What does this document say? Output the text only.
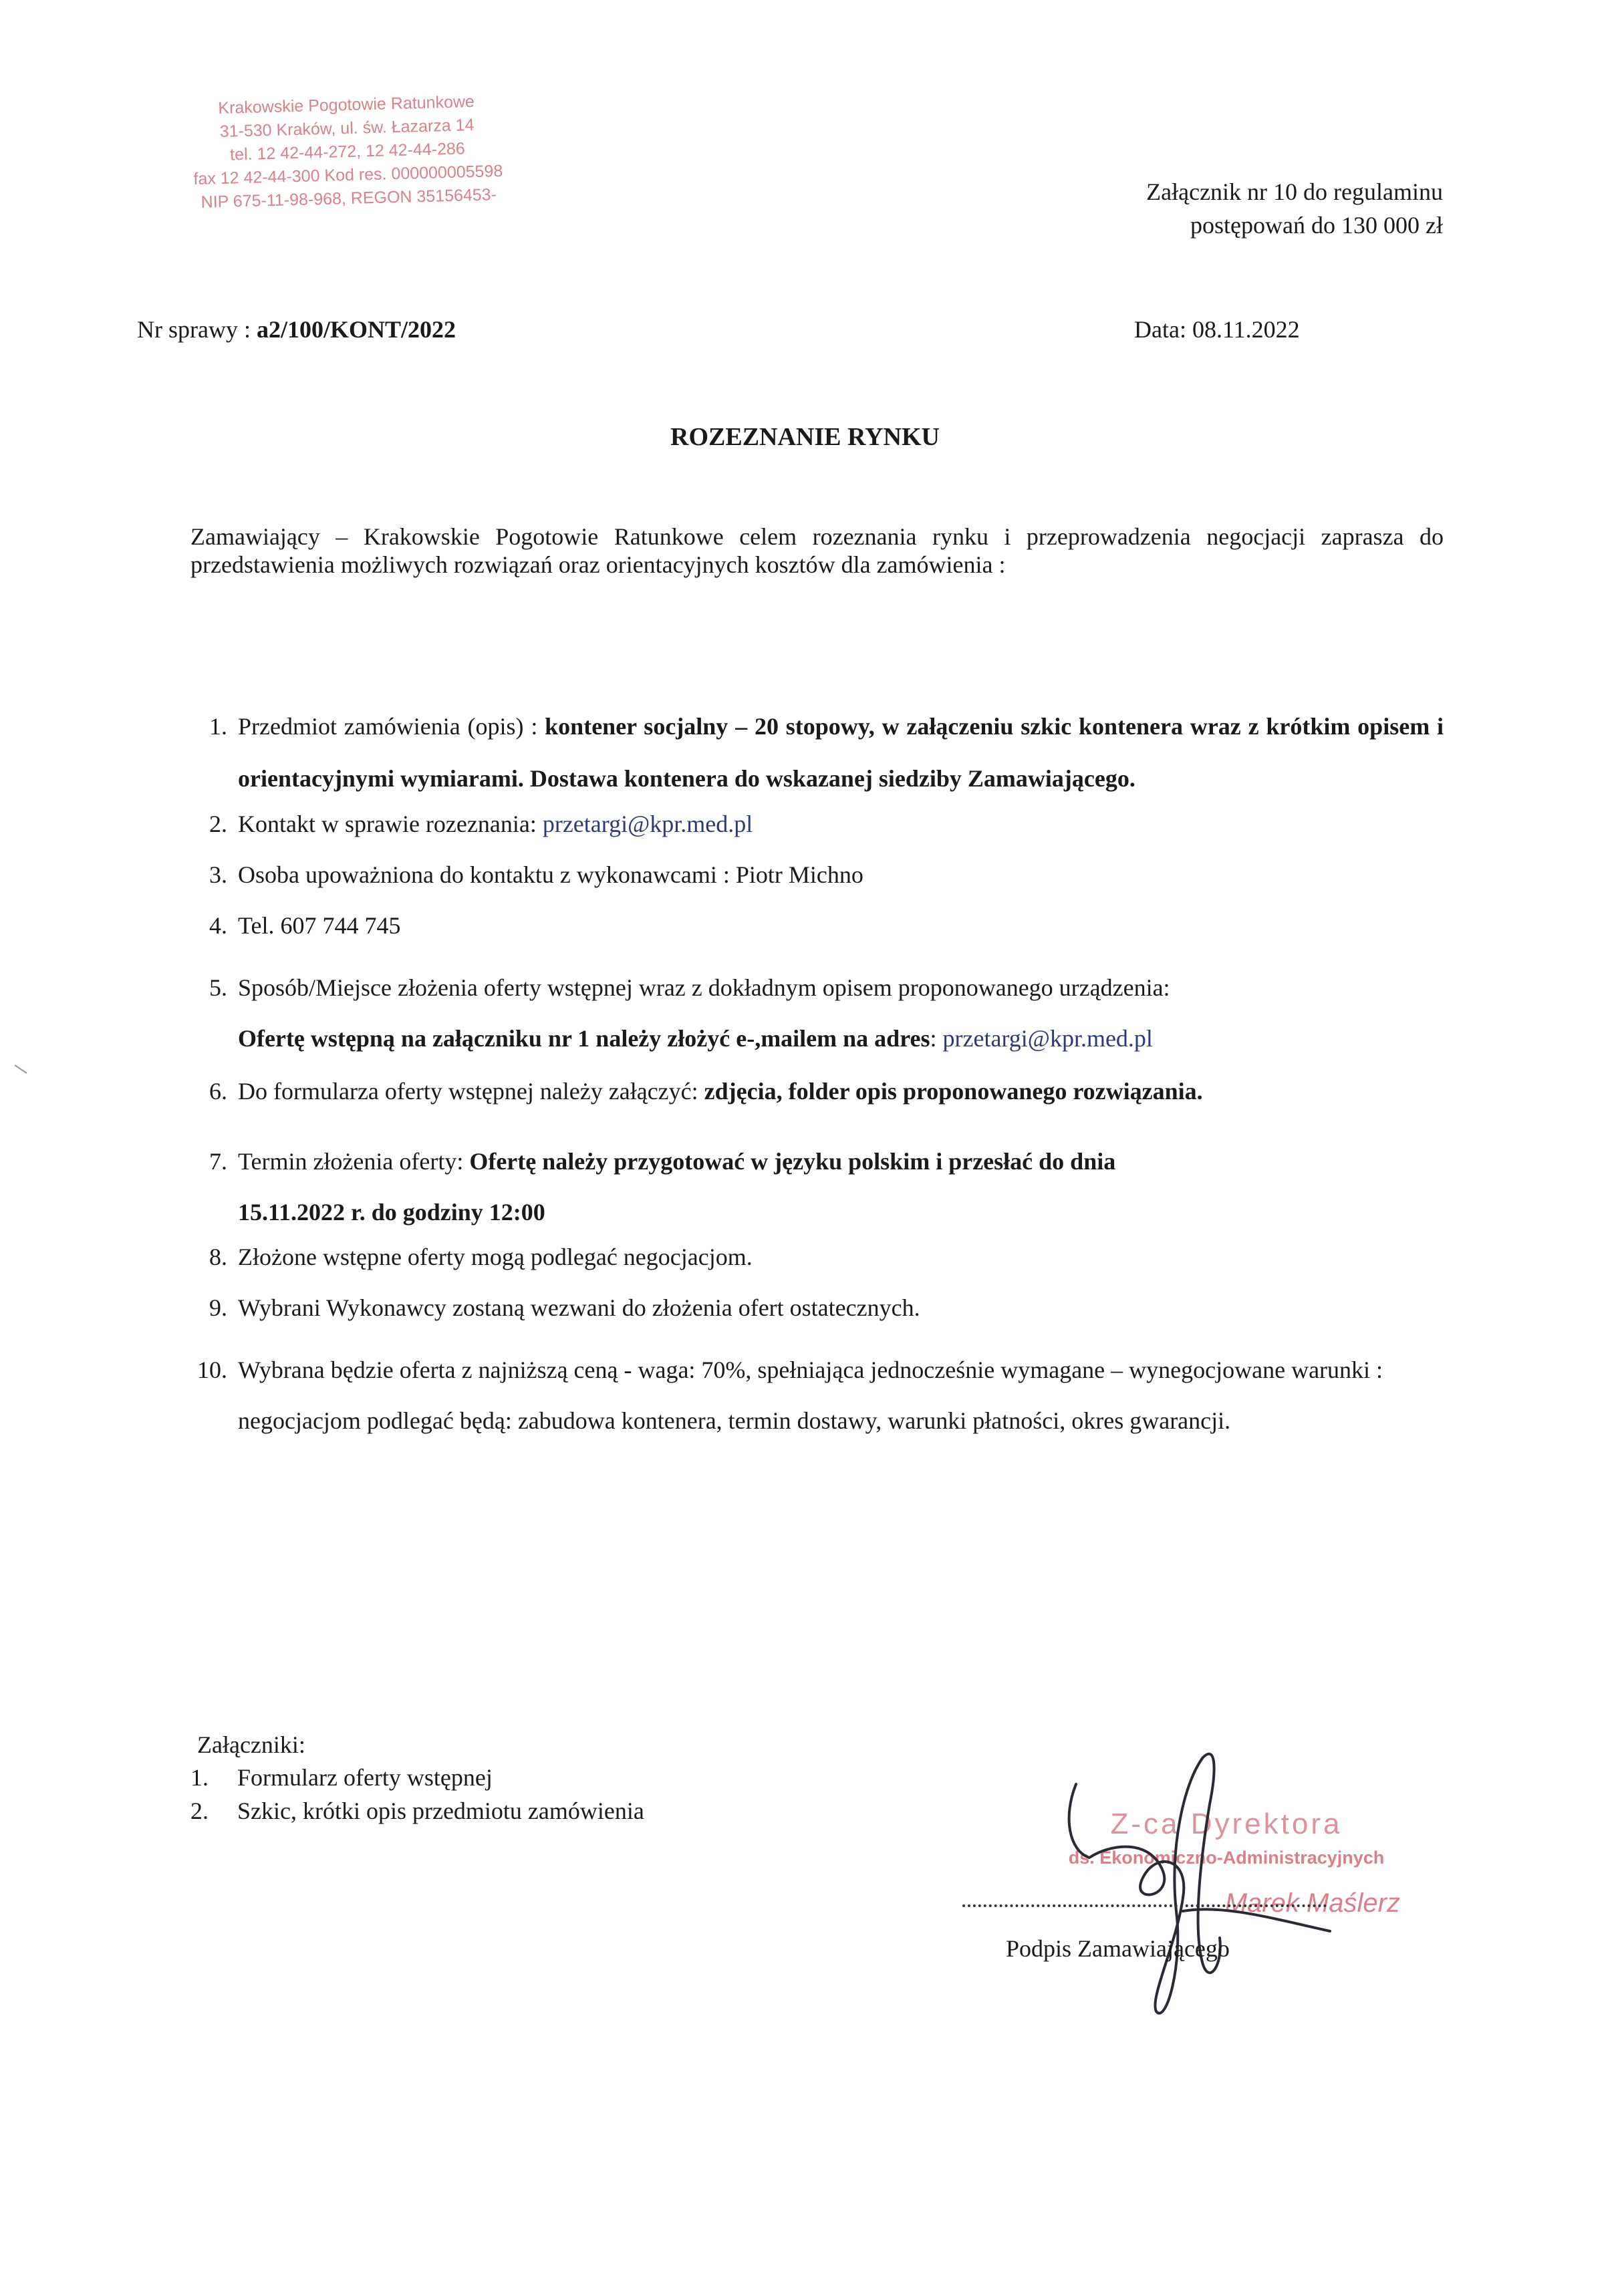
Krakowskie Pogotowie Ratunkowe
31-530 Kraków, ul. św. Łazarza 14
tel. 12 42-44-272, 12 42-44-286
fax 12 42-44-300 Kod res. 000000005598
NIP 675-11-98-968, REGON 35156453-	Załącznik nr 10 do regulaminu
postępowań do 130 000 zł
Nr sprawy : a2/100/KONT/2022	Data: 08.11.2022
ROZEZNANIE RYNKU
Zamawiający – Krakowskie Pogotowie Ratunkowe celem rozeznania rynku i przeprowadzenia negocjacji zaprasza do przedstawienia możliwych rozwiązań oraz orientacyjnych kosztów dla zamówienia :
1. Przedmiot zamówienia (opis) : kontener socjalny – 20 stopowy, w załączeniu szkic kontenera wraz z krótkim opisem i orientacyjnymi wymiarami. Dostawa kontenera do wskazanej siedziby Zamawiającego.
2. Kontakt w sprawie rozeznania: przetargi@kpr.med.pl
3. Osoba upoważniona do kontaktu z wykonawcami : Piotr Michno
4. Tel. 607 744 745
5. Sposób/Miejsce złożenia oferty wstępnej wraz z dokładnym opisem proponowanego urządzenia:
Ofertę wstępną na załączniku nr 1 należy złożyć e-,mailem na adres: przetargi@kpr.med.pl
6. Do formularza oferty wstępnej należy załączyć: zdjęcia, folder opis proponowanego rozwiązania.
7. Termin złożenia oferty: Ofertę należy przygotować w języku polskim i przesłać do dnia 15.11.2022 r. do godziny 12:00
8. Złożone wstępne oferty mogą podlegać negocjacjom.
9. Wybrani Wykonawcy zostaną wezwani do złożenia ofert ostatecznych.
10. Wybrana będzie oferta z najniższą ceną - waga: 70%, spełniająca jednocześnie wymagane – wynegocjowane warunki : negocjacjom podlegać będą: zabudowa kontenera, termin dostawy, warunki płatności, okres gwarancji.
Załączniki:
1. Formularz oferty wstępnej
2. Szkic, krótki opis przedmiotu zamówienia	Z-ca Dyrektora
ds. Ekonomiczno-Administracyjnych
Marek Maślerz
Podpis Zamawiającego
